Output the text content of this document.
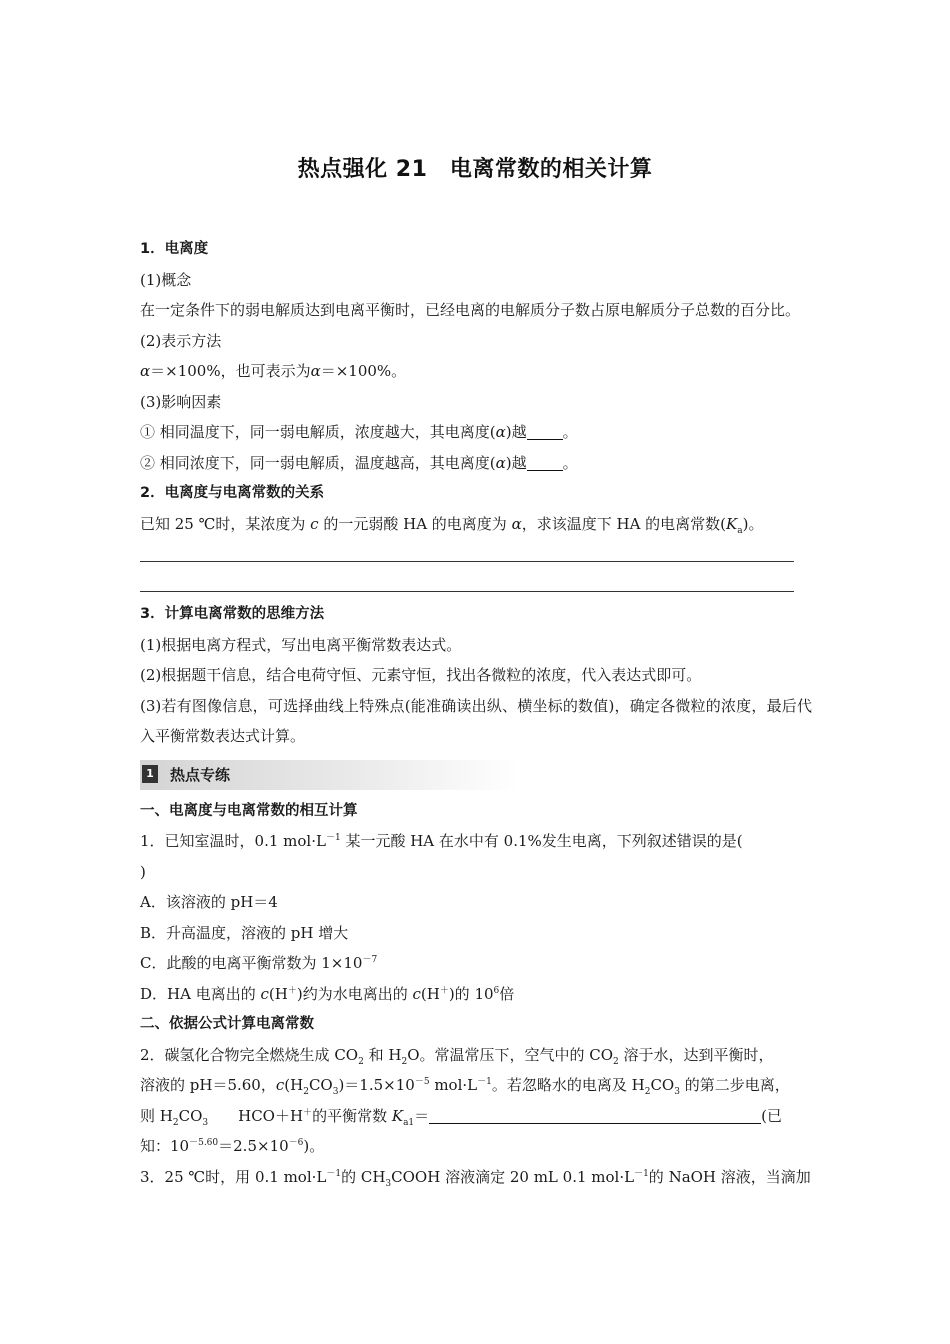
热点强化 21　电离常数的相关计算
1．电离度
(1)概念
在一定条件下的弱电解质达到电离平衡时，已经电离的电解质分子数占原电解质分子总数的百分比。
(2)表示方法
α＝×100%，也可表示为α＝×100%。
(3)影响因素
① 相同温度下，同一弱电解质，浓度越大，其电离度(α)越 。
② 相同浓度下，同一弱电解质，温度越高，其电离度(α)越 。
2．电离度与电离常数的关系
已知 25 ℃时，某浓度为 c 的一元弱酸 HA 的电离度为 α，求该温度下 HA 的电离常数$(K_a)$。
3．计算电离常数的思维方法
(1)根据电离方程式，写出电离平衡常数表达式。
(2)根据题干信息，结合电荷守恒、元素守恒，找出各微粒的浓度，代入表达式即可。
(3)若有图像信息，可选择曲线上特殊点(能准确读出纵、横坐标的数值)，确定各微粒的浓度，最后代入平衡常数表达式计算。
1 热点专练
一、电离度与电离常数的相互计算
1．已知室温时，0.1 $mol\cdot L^{-1}$ 某一元酸 HA 在水中有 0.1%发生电离，下列叙述错误的是(
)
A．该溶液的 pH＝4
B．升高温度，溶液的 pH 增大
C．此酸的电离平衡常数为 $1\times 10^{-7}$
D．HA 电离出的 c(H＋)约为水电离出的 c(H＋)的 $10^6$倍
二、依据公式计算电离常数
2．碳氢化合物完全燃烧生成 $CO_2$ 和 $H_2O$。常温常压下，空气中的 $CO_2$ 溶于水，达到平衡时，
溶液的 pH＝5.60，$c(H_2CO_3)=1.5\times 10^{-5}$ $mol\cdot L^{-1}$。若忽略水的电离及 $H_2CO_3$ 的第二步电离，
则 $H_2CO_3$　　HCO＋H＋的平衡常数 $K_{a1}=$	(已
知：$10^{-5.60}=2.5\times 10^{-6}$)。
3．25 ℃时，用 0.1 $mol\cdot L^{-1}$的 $CH_3COOH$ 溶液滴定 20 mL 0.1 $mol\cdot L^{-1}$的 NaOH 溶液，当滴加
